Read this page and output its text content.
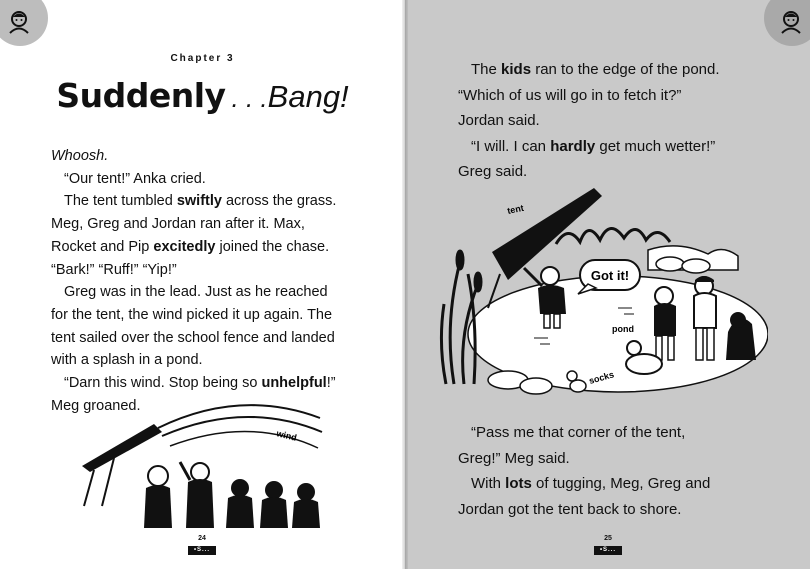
Chapter 3
Suddenly . . .Bang!

Whoosh.

“Our tent!” Anka cried.

The tent tumbled swiftly across the grass.

Meg, Greg and Jordan ran after it. Max,

Rocket and Pip excitedly joined the chase.

“Bark!” “Ruff!” “Yip!”

Greg was in the lead. Just as he reached

for the tent, the wind picked it up again. The

tent sailed over the school fence and landed

with a splash in a pond.

“Darn this wind. Stop being so unhelpful!”

Meg groaned.

wind
24
•S...

The kids ran to the edge of the pond.

“Which of us will go in to fetch it?”

Jordan said.

“I will. I can hardly get much wetter!”

Greg said.

tent
Got it!
pond
socks

“Pass me that corner of the tent,

Greg!” Meg said.

With lots of tugging, Meg, Greg and

Jordan got the tent back to shore.

25
•S...
